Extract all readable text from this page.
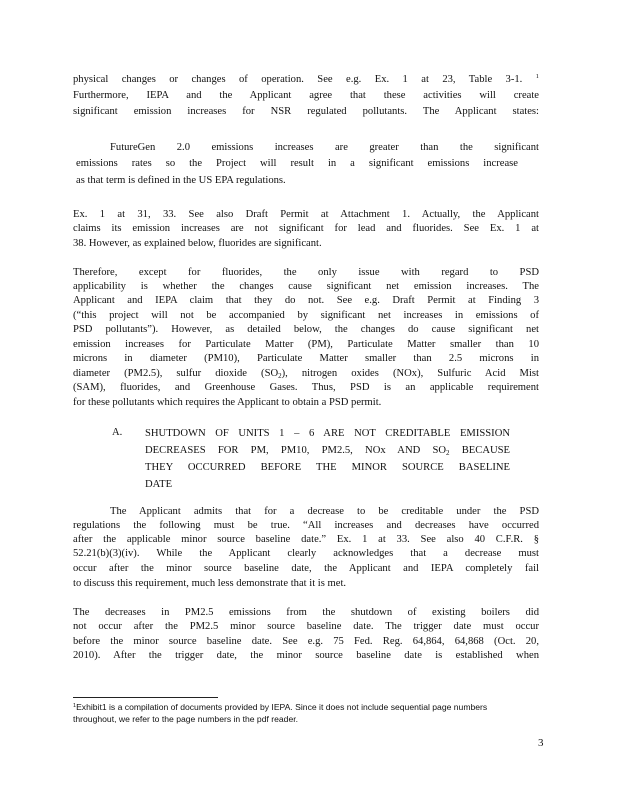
physical changes or changes of operation. See e.g. Ex. 1 at 23, Table 3-1. $^1$
Furthermore, IEPA and the Applicant agree that these activities will create
significant emission increases for NSR regulated pollutants. The Applicant states:
FutureGen 2.0 emissions increases are greater than the significant
emissions rates so the Project will result in a significant emissions increase
as that term is defined in the US EPA regulations.
Ex. 1 at 31, 33. See also Draft Permit at Attachment 1. Actually, the Applicant
claims its emission increases are not significant for lead and fluorides. See Ex. 1 at
38. However, as explained below, fluorides are significant.
Therefore, except for fluorides, the only issue with regard to PSD
applicability is whether the changes cause significant net emission increases. The
Applicant and IEPA claim that they do not. See e.g. Draft Permit at Finding 3
(“this project will not be accompanied by significant net increases in emissions of
PSD pollutants”). However, as detailed below, the changes do cause significant net
emission increases for Particulate Matter (PM), Particulate Matter smaller than 10
microns in diameter (PM10), Particulate Matter smaller than 2.5 microns in
diameter (PM2.5), sulfur dioxide $(SO_2)$, nitrogen oxides (NOx), Sulfuric Acid Mist
(SAM), fluorides, and Greenhouse Gases. Thus, PSD is an applicable requirement
for these pollutants which requires the Applicant to obtain a PSD permit.
A. SHUTDOWN OF UNITS 1 – 6 ARE NOT CREDITABLE EMISSION
DECREASES FOR PM, PM10, PM2.5, NOx AND $SO_2$ BECAUSE
THEY OCCURRED BEFORE THE MINOR SOURCE BASELINE
DATE
The Applicant admits that for a decrease to be creditable under the PSD
regulations the following must be true. “All increases and decreases have occurred
after the applicable minor source baseline date.” Ex. 1 at 33. See also 40 C.F.R. §
52.21(b)(3)(iv). While the Applicant clearly acknowledges that a decrease must
occur after the minor source baseline date, the Applicant and IEPA completely fail
to discuss this requirement, much less demonstrate that it is met.
The decreases in PM2.5 emissions from the shutdown of existing boilers did
not occur after the PM2.5 minor source baseline date. The trigger date must occur
before the minor source baseline date. See e.g. 75 Fed. Reg. 64,864, 64,868 (Oct. 20,
2010). After the trigger date, the minor source baseline date is established when
$^1$Exhibit1 is a compilation of documents provided by IEPA. Since it does not include sequential page numbers
throughout, we refer to the page numbers in the pdf reader.
3
